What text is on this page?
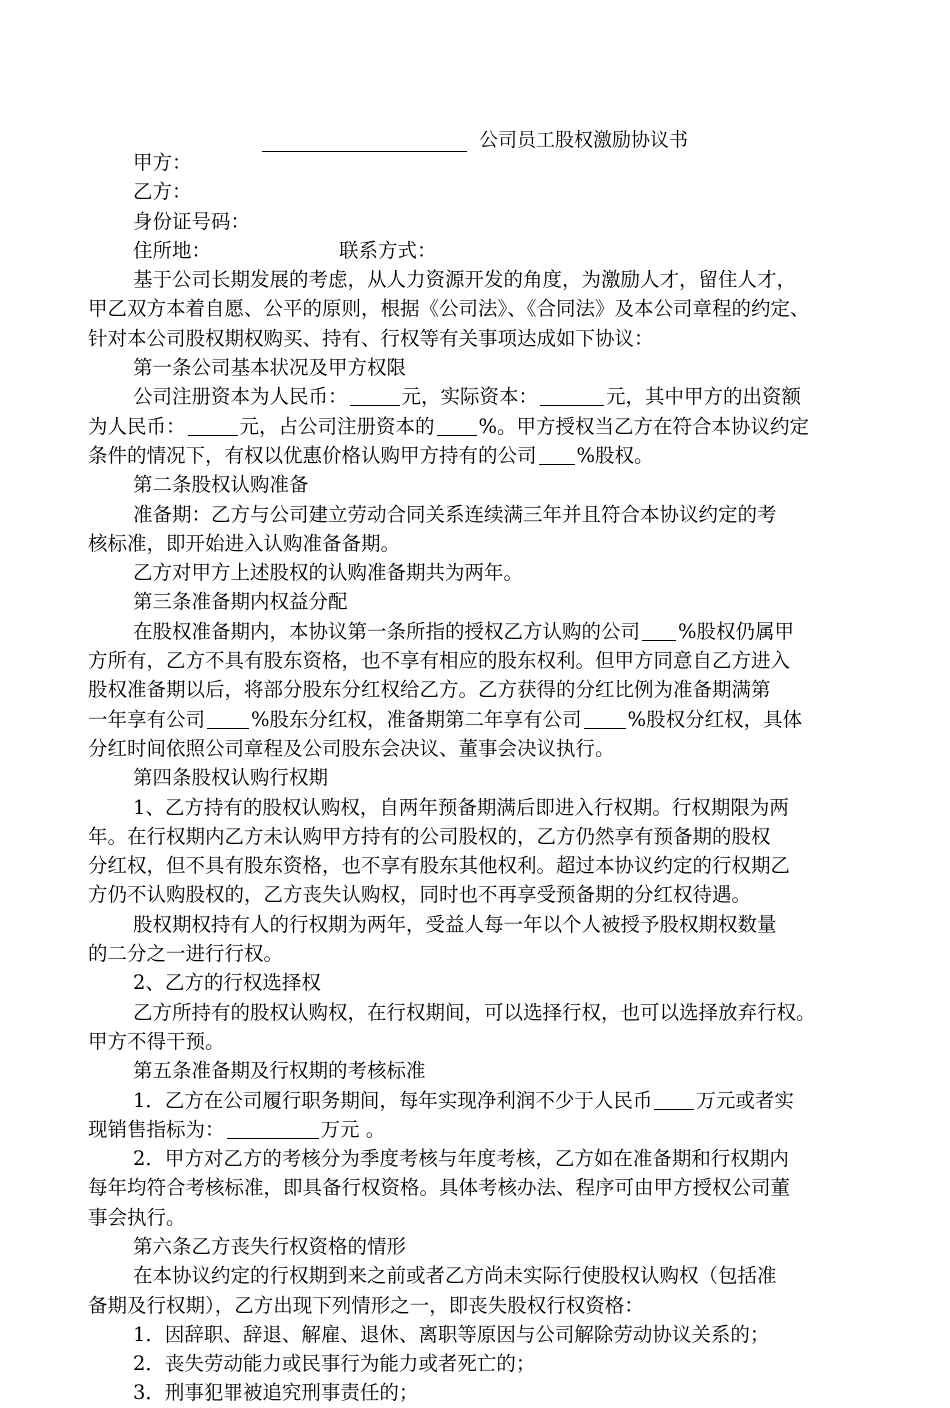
公司员工股权激励协议书
甲方：
乙方：
身份证号码：
住所地：	联系方式：
基于公司长期发展的考虑，从人力资源开发的角度，为激励人才，留住人才，
甲乙双方本着自愿、公平的原则，根据《公司法》、《合同法》及本公司章程的约定、
针对本公司股权期权购买、持有、行权等有关事项达成如下协议：
第一条公司基本状况及甲方权限
公司注册资本为人民币：	元，实际资本：	元，其中甲方的出资额
为人民币：	元，占公司注册资本的 %。甲方授权当乙方在符合本协议约定
条件的情况下，有权以优惠价格认购甲方持有的公司 %股权。
第二条股权认购准备
准备期：乙方与公司建立劳动合同关系连续满三年并且符合本协议约定的考
核标准，即开始进入认购准备备期。
乙方对甲方上述股权的认购准备期共为两年。
第三条准备期内权益分配
在股权准备期内，本协议第一条所指的授权乙方认购的公司 %股权仍属甲
方所有，乙方不具有股东资格，也不享有相应的股东权利。但甲方同意自乙方进入
股权准备期以后，将部分股东分红权给乙方。乙方获得的分红比例为准备期满第
一年享有公司 %股东分红权，准备期第二年享有公司 %股权分红权，具体
分红时间依照公司章程及公司股东会决议、董事会决议执行。
第四条股权认购行权期
1、乙方持有的股权认购权，自两年预备期满后即进入行权期。行权期限为两
年。在行权期内乙方未认购甲方持有的公司股权的，乙方仍然享有预备期的股权
分红权，但不具有股东资格，也不享有股东其他权利。超过本协议约定的行权期乙
方仍不认购股权的，乙方丧失认购权，同时也不再享受预备期的分红权待遇。
股权期权持有人的行权期为两年，受益人每一年以个人被授予股权期权数量
的二分之一进行行权。
2、乙方的行权选择权
乙方所持有的股权认购权，在行权期间，可以选择行权，也可以选择放弃行权。
甲方不得干预。
第五条准备期及行权期的考核标准
1．乙方在公司履行职务期间，每年实现净利润不少于人民币 万元或者实
现销售指标为：	万元 。
2．甲方对乙方的考核分为季度考核与年度考核，乙方如在准备期和行权期内
每年均符合考核标准，即具备行权资格。具体考核办法、程序可由甲方授权公司董
事会执行。
第六条乙方丧失行权资格的情形
在本协议约定的行权期到来之前或者乙方尚未实际行使股权认购权（包括准
备期及行权期），乙方出现下列情形之一，即丧失股权行权资格：
1．因辞职、辞退、解雇、退休、离职等原因与公司解除劳动协议关系的；
2．丧失劳动能力或民事行为能力或者死亡的；
3．刑事犯罪被追究刑事责任的；
